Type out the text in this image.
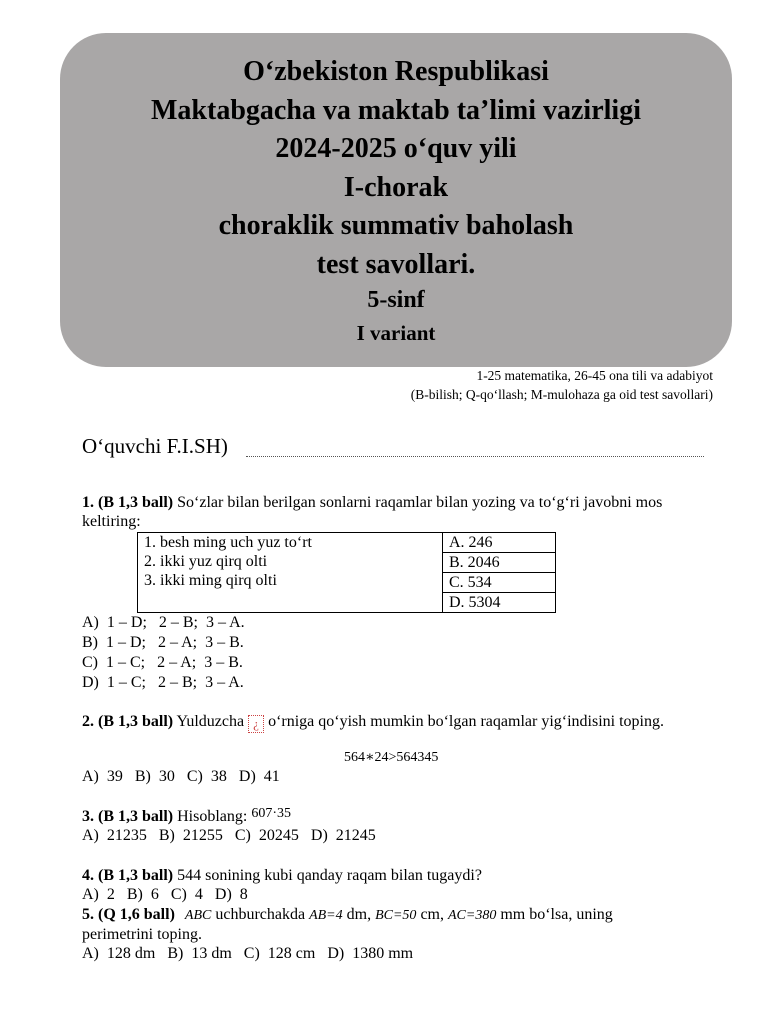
O‘zbekiston Respublikasi
Maktabgacha va maktab ta’limi vazirligi
2024-2025 o‘quv yili
I-chorak
choraklik summativ baholash
test savollari.
5-sinf
I variant
1-25 matematika, 26-45 ona tili va adabiyot
(B-bilish; Q-qo‘llash; M-mulohaza ga oid test savollari)
O‘quvchi F.I.SH)
1. (B 1,3 ball) So‘zlar bilan berilgan sonlarni raqamlar bilan yozing va to‘g‘ri javobni mos keltiring:
1. besh ming uch yuz to‘rt
2. ikki yuz qirq olti
3. ikki ming qirq olti
	A. 246
B. 2046
C. 534
D. 5304
A)  1 – D;   2 – B;  3 – A.
B)  1 – D;   2 – A;  3 – B.
C)  1 – C;   2 – A;  3 – B.
D)  1 – C;   2 – B;  3 – A.
2. (B 1,3 ball) Yulduzcha ¿ o‘rniga qo‘yish mumkin bo‘lgan raqamlar yig‘indisini toping.
564∗24>564345
A)  39   B)  30   C)  38   D)  41
3. (B 1,3 ball) Hisoblang: 607·35
A)  21235   B)  21255   C)  20245   D)  21245
4. (B 1,3 ball) 544 sonining kubi qanday raqam bilan tugaydi?
A)  2   B)  6   C)  4   D)  8
5. (Q 1,6 ball) ABC uchburchakda AB=4 dm, BC=50 cm, AC=380 mm bo‘lsa, uning
perimetrini toping.
A)  128 dm   B)  13 dm   C)  128 cm   D)  1380 mm
